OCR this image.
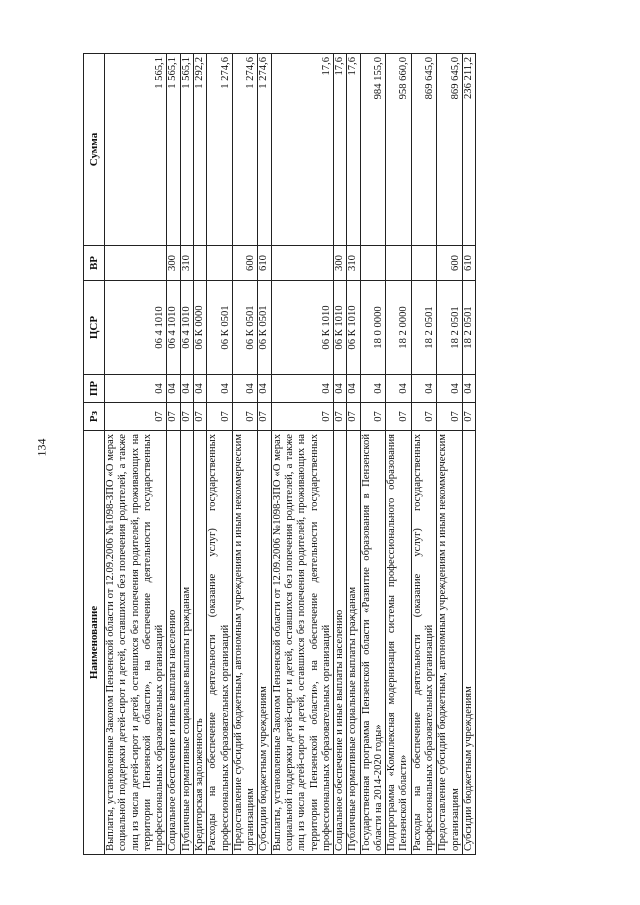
134
Наименование	Рз	ПР	ЦСР	ВР	Сумма
Выплаты, установленные Законом Пензенской области от 12.09.2006 №1098-ЗПО «О мерах социальной поддержки детей-сирот и детей, оставшихся без попечения родителей, а также лиц из числа детей-сирот и детей, оставшихся без попечения родителей, проживающих на территории Пензенской области», на обеспечение деятельности государственных профессиональных образовательных организаций	07	04	06 4 1010		1 565,1
Социальное обеспечение и иные выплаты населению	07	04	06 4 1010	300	1 565,1
Публичные нормативные социальные выплаты гражданам	07	04	06 4 1010	310	1 565,1
Кредиторская задолженность	07	04	06 К 0000		1 292,2
Расходы на обеспечение деятельности (оказание услуг) государственных профессиональных образовательных организаций	07	04	06 К 0501		1 274,6
Предоставление субсидий бюджетным, автономным учреждениям и иным некоммерческим организациям	07	04	06 К 0501	600	1 274,6
Субсидии бюджетным учреждениям	07	04	06 К 0501	610	1 274,6
Выплаты, установленные Законом Пензенской области от 12.09.2006 №1098-ЗПО «О мерах социальной поддержки детей-сирот и детей, оставшихся без попечения родителей, а также лиц из числа детей-сирот и детей, оставшихся без попечения родителей, проживающих на территории Пензенской области», на обеспечение деятельности государственных профессиональных образовательных организаций	07	04	06 К 1010		17,6
Социальное обеспечение и иные выплаты населению	07	04	06 К 1010	300	17,6
Публичные нормативные социальные выплаты гражданам	07	04	06 К 1010	310	17,6
Государственная программа Пензенской области «Развитие образования в Пензенской области на 2014-2020 годы»	07	04	18 0 0000		984 155,0
Подпрограмма «Комплексная модернизация системы профессионального образования Пензенской области»	07	04	18 2 0000		958 660,0
Расходы на обеспечение деятельности (оказание услуг) государственных профессиональных образовательных организаций	07	04	18 2 0501		869 645,0
Предоставление субсидий бюджетным, автономным учреждениям и иным некоммерческим организациям	07	04	18 2 0501	600	869 645,0
Субсидии бюджетным учреждениям	07	04	18 2 0501	610	236 211,2
